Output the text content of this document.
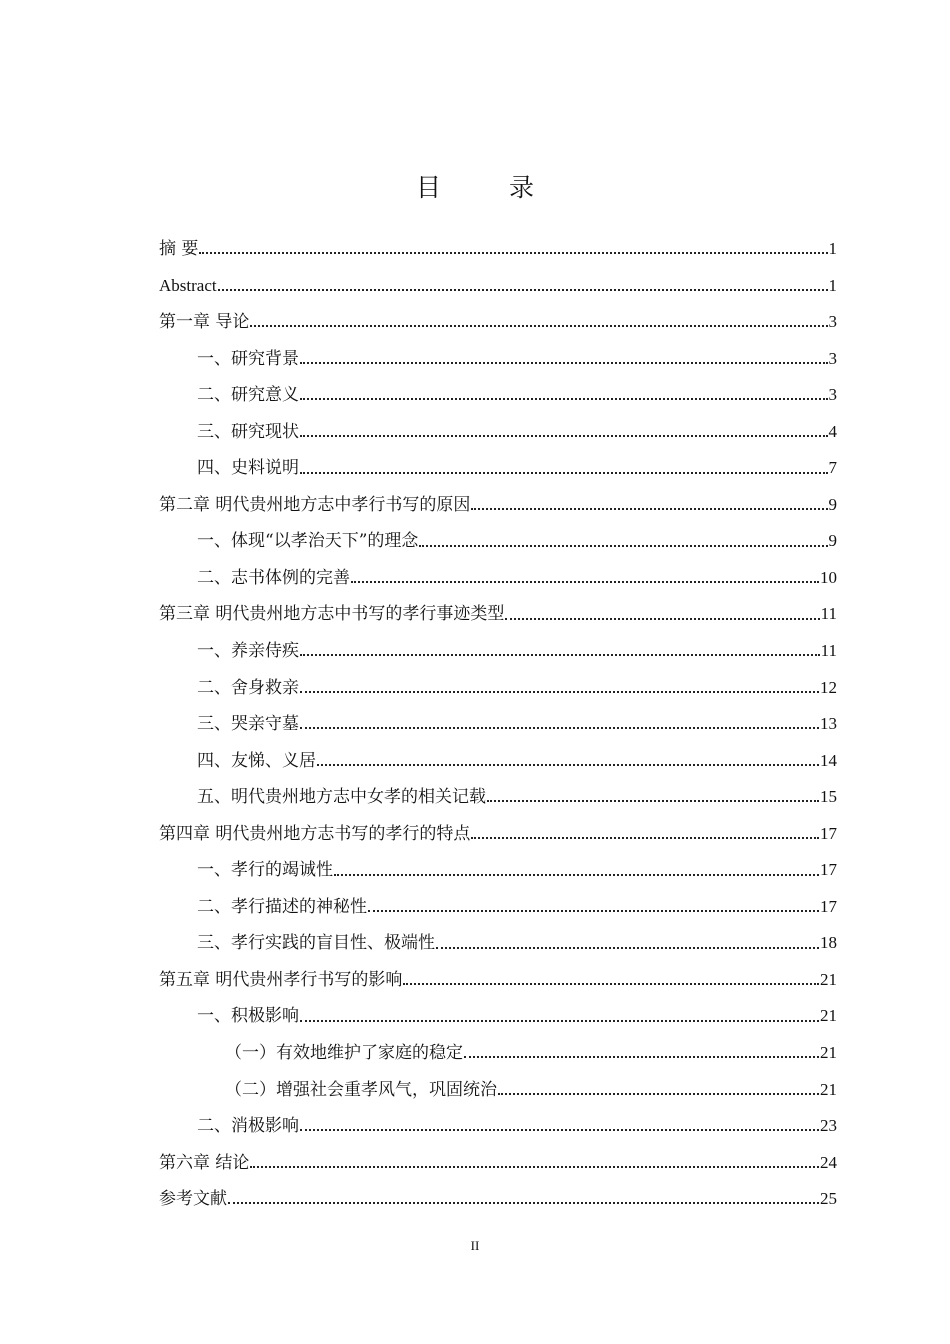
目 录
摘 要	1
Abstract	1
第一章 导论	3
一、研究背景	3
二、研究意义	3
三、研究现状	4
四、史料说明	7
第二章 明代贵州地方志中孝行书写的原因	9
一、体现“以孝治天下”的理念	9
二、志书体例的完善	10
第三章 明代贵州地方志中书写的孝行事迹类型	11
一、养亲侍疾	11
二、舍身救亲	12
三、哭亲守墓	13
四、友悌、义居	14
五、明代贵州地方志中女孝的相关记载	15
第四章 明代贵州地方志书写的孝行的特点	17
一、孝行的竭诚性	17
二、孝行描述的神秘性	17
三、孝行实践的盲目性、极端性	18
第五章 明代贵州孝行书写的影响	21
一、积极影响	21
（一）有效地维护了家庭的稳定	21
（二）增强社会重孝风气，巩固统治	21
二、消极影响	23
第六章 结论	24
参考文献	25
II
